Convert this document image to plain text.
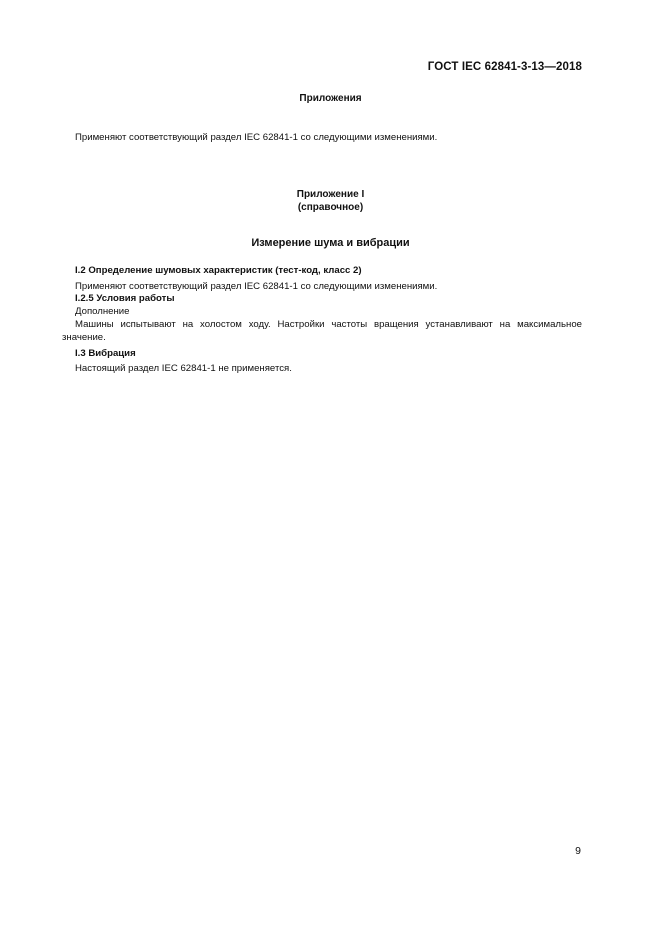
ГОСТ IEC 62841-3-13—2018
Приложения
Применяют соответствующий раздел IEC 62841-1 со следующими изменениями.
Приложение I
(справочное)
Измерение шума и вибрации
I.2 Определение шумовых характеристик (тест-код, класс 2)
Применяют соответствующий раздел IEC 62841-1 со следующими изменениями.
I.2.5 Условия работы
Дополнение
Машины испытывают на холостом ходу. Настройки частоты вращения устанавливают на максимальное значение.
I.3 Вибрация
Настоящий раздел IEC 62841-1 не применяется.
9
